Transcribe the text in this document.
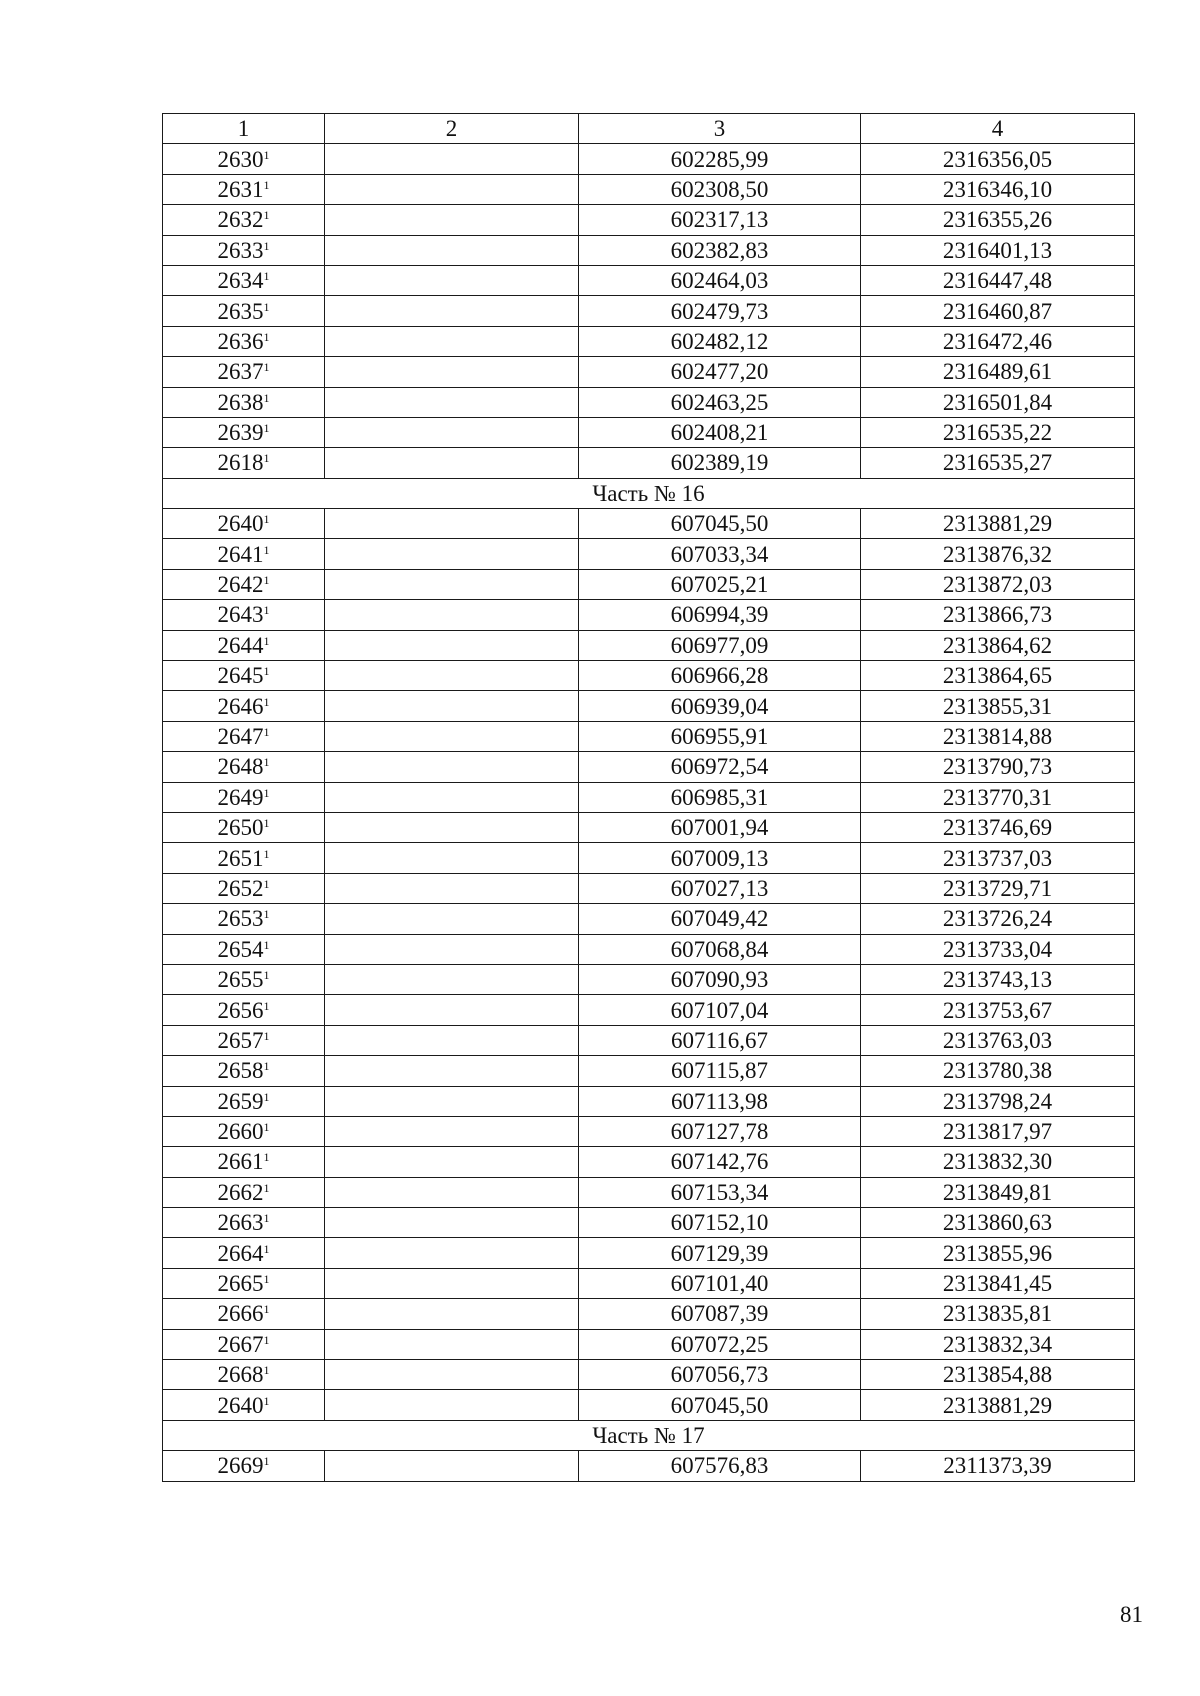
1	2	3	4
2630$^1$		602285,99	2316356,05
2631$^1$		602308,50	2316346,10
2632$^1$		602317,13	2316355,26
2633$^1$		602382,83	2316401,13
2634$^1$		602464,03	2316447,48
2635$^1$		602479,73	2316460,87
2636$^1$		602482,12	2316472,46
2637$^1$		602477,20	2316489,61
2638$^1$		602463,25	2316501,84
2639$^1$		602408,21	2316535,22
2618$^1$		602389,19	2316535,27
Часть № 16			
2640$^1$		607045,50	2313881,29
2641$^1$		607033,34	2313876,32
2642$^1$		607025,21	2313872,03
2643$^1$		606994,39	2313866,73
2644$^1$		606977,09	2313864,62
2645$^1$		606966,28	2313864,65
2646$^1$		606939,04	2313855,31
2647$^1$		606955,91	2313814,88
2648$^1$		606972,54	2313790,73
2649$^1$		606985,31	2313770,31
2650$^1$		607001,94	2313746,69
2651$^1$		607009,13	2313737,03
2652$^1$		607027,13	2313729,71
2653$^1$		607049,42	2313726,24
2654$^1$		607068,84	2313733,04
2655$^1$		607090,93	2313743,13
2656$^1$		607107,04	2313753,67
2657$^1$		607116,67	2313763,03
2658$^1$		607115,87	2313780,38
2659$^1$		607113,98	2313798,24
2660$^1$		607127,78	2313817,97
2661$^1$		607142,76	2313832,30
2662$^1$		607153,34	2313849,81
2663$^1$		607152,10	2313860,63
2664$^1$		607129,39	2313855,96
2665$^1$		607101,40	2313841,45
2666$^1$		607087,39	2313835,81
2667$^1$		607072,25	2313832,34
2668$^1$		607056,73	2313854,88
2640$^1$		607045,50	2313881,29
Часть № 17			
2669$^1$		607576,83	2311373,39
81
